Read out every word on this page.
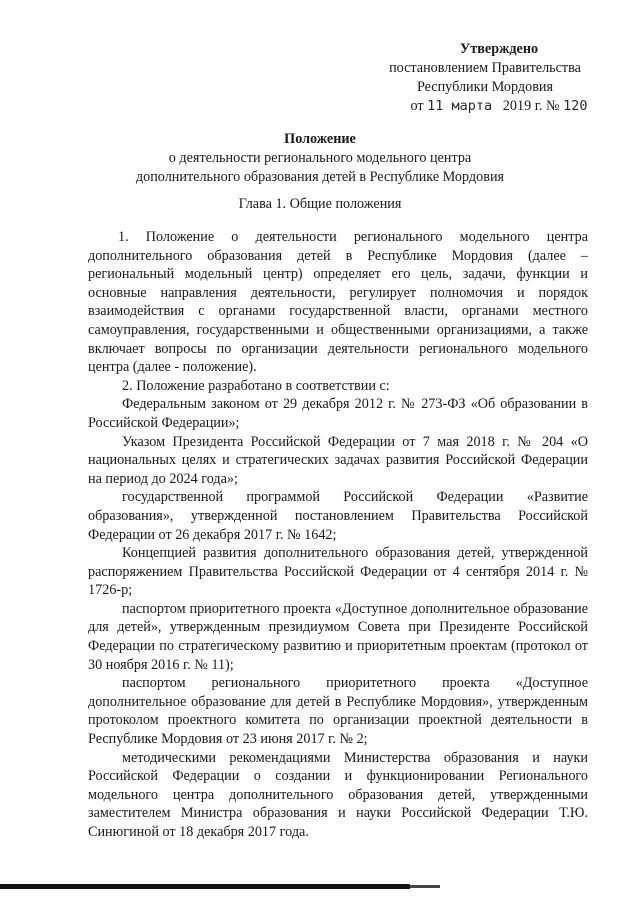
Утверждено
постановлением Правительства
Республики Мордовия
от 11 марта 2019 г. № 120
Положение
о деятельности регионального модельного центра
дополнительного образования детей в Республике Мордовия
Глава 1. Общие положения

1. Положение о деятельности регионального модельного центра дополнительного образования детей в Республике Мордовия (далее – региональный модельный центр) определяет его цель, задачи, функции и основные направления деятельности, регулирует полномочия и порядок взаимодействия с органами государственной власти, органами местного самоуправления, государственными и общественными организациями, а также включает вопросы по организации деятельности регионального модельного центра (далее - положение).

2. Положение разработано в соответствии с:

Федеральным законом от 29 декабря 2012 г. № 273-ФЗ «Об образовании в Российской Федерации»;

Указом Президента Российской Федерации от 7 мая 2018 г. № 204 «О национальных целях и стратегических задачах развития Российской Федерации на период до 2024 года»;

государственной программой Российской Федерации «Развитие образования», утвержденной постановлением Правительства Российской Федерации от 26 декабря 2017 г. № 1642;

Концепцией развития дополнительного образования детей, утвержденной распоряжением Правительства Российской Федерации от 4 сентября 2014 г. № 1726-р;

паспортом приоритетного проекта «Доступное дополнительное образование для детей», утвержденным президиумом Совета при Президенте Российской Федерации по стратегическому развитию и приоритетным проектам (протокол от 30 ноября 2016 г. № 11);

паспортом регионального приоритетного проекта «Доступное дополнительное образование для детей в Республике Мордовия», утвержденным протоколом проектного комитета по организации проектной деятельности в Республике Мордовия от 23 июня 2017 г. № 2;

методическими рекомендациями Министерства образования и науки Российской Федерации о создании и функционировании Регионального модельного центра дополнительного образования детей, утвержденными заместителем Министра образования и науки Российской Федерации Т.Ю. Синюгиной от 18 декабря 2017 года.
